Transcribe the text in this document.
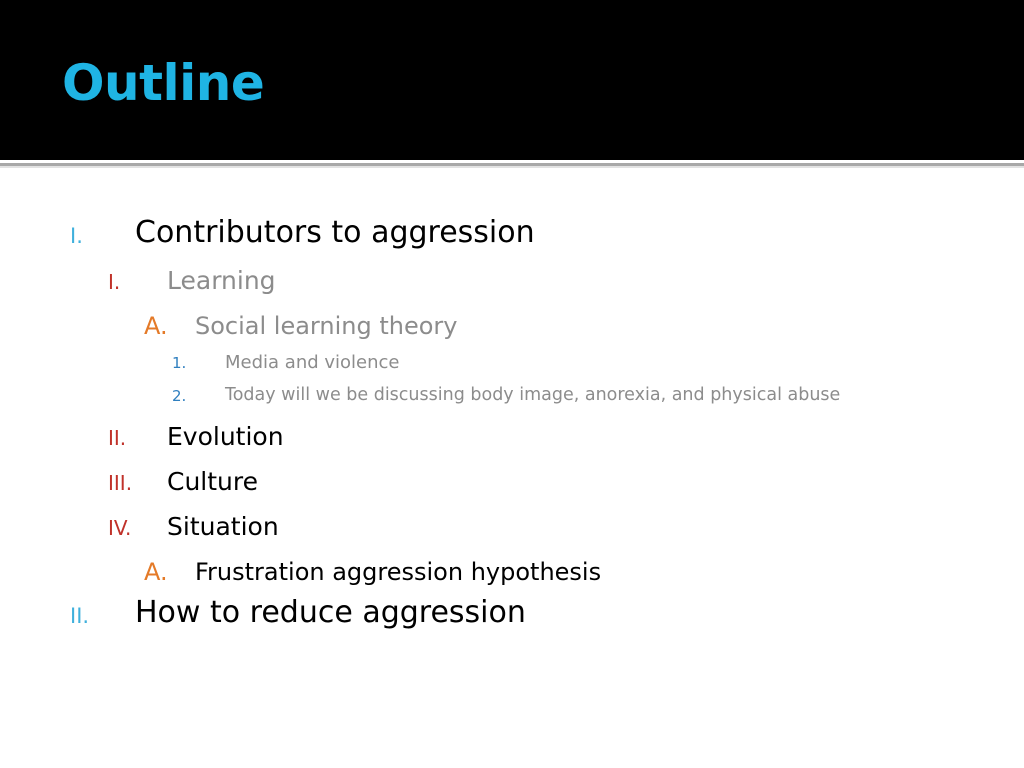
Outline
I. Contributors to aggression
I. Learning
A. Social learning theory
1. Media and violence
2. Today will we be discussing body image, anorexia, and physical abuse
II. Evolution
III. Culture
IV. Situation
A. Frustration aggression hypothesis
II. How to reduce aggression
